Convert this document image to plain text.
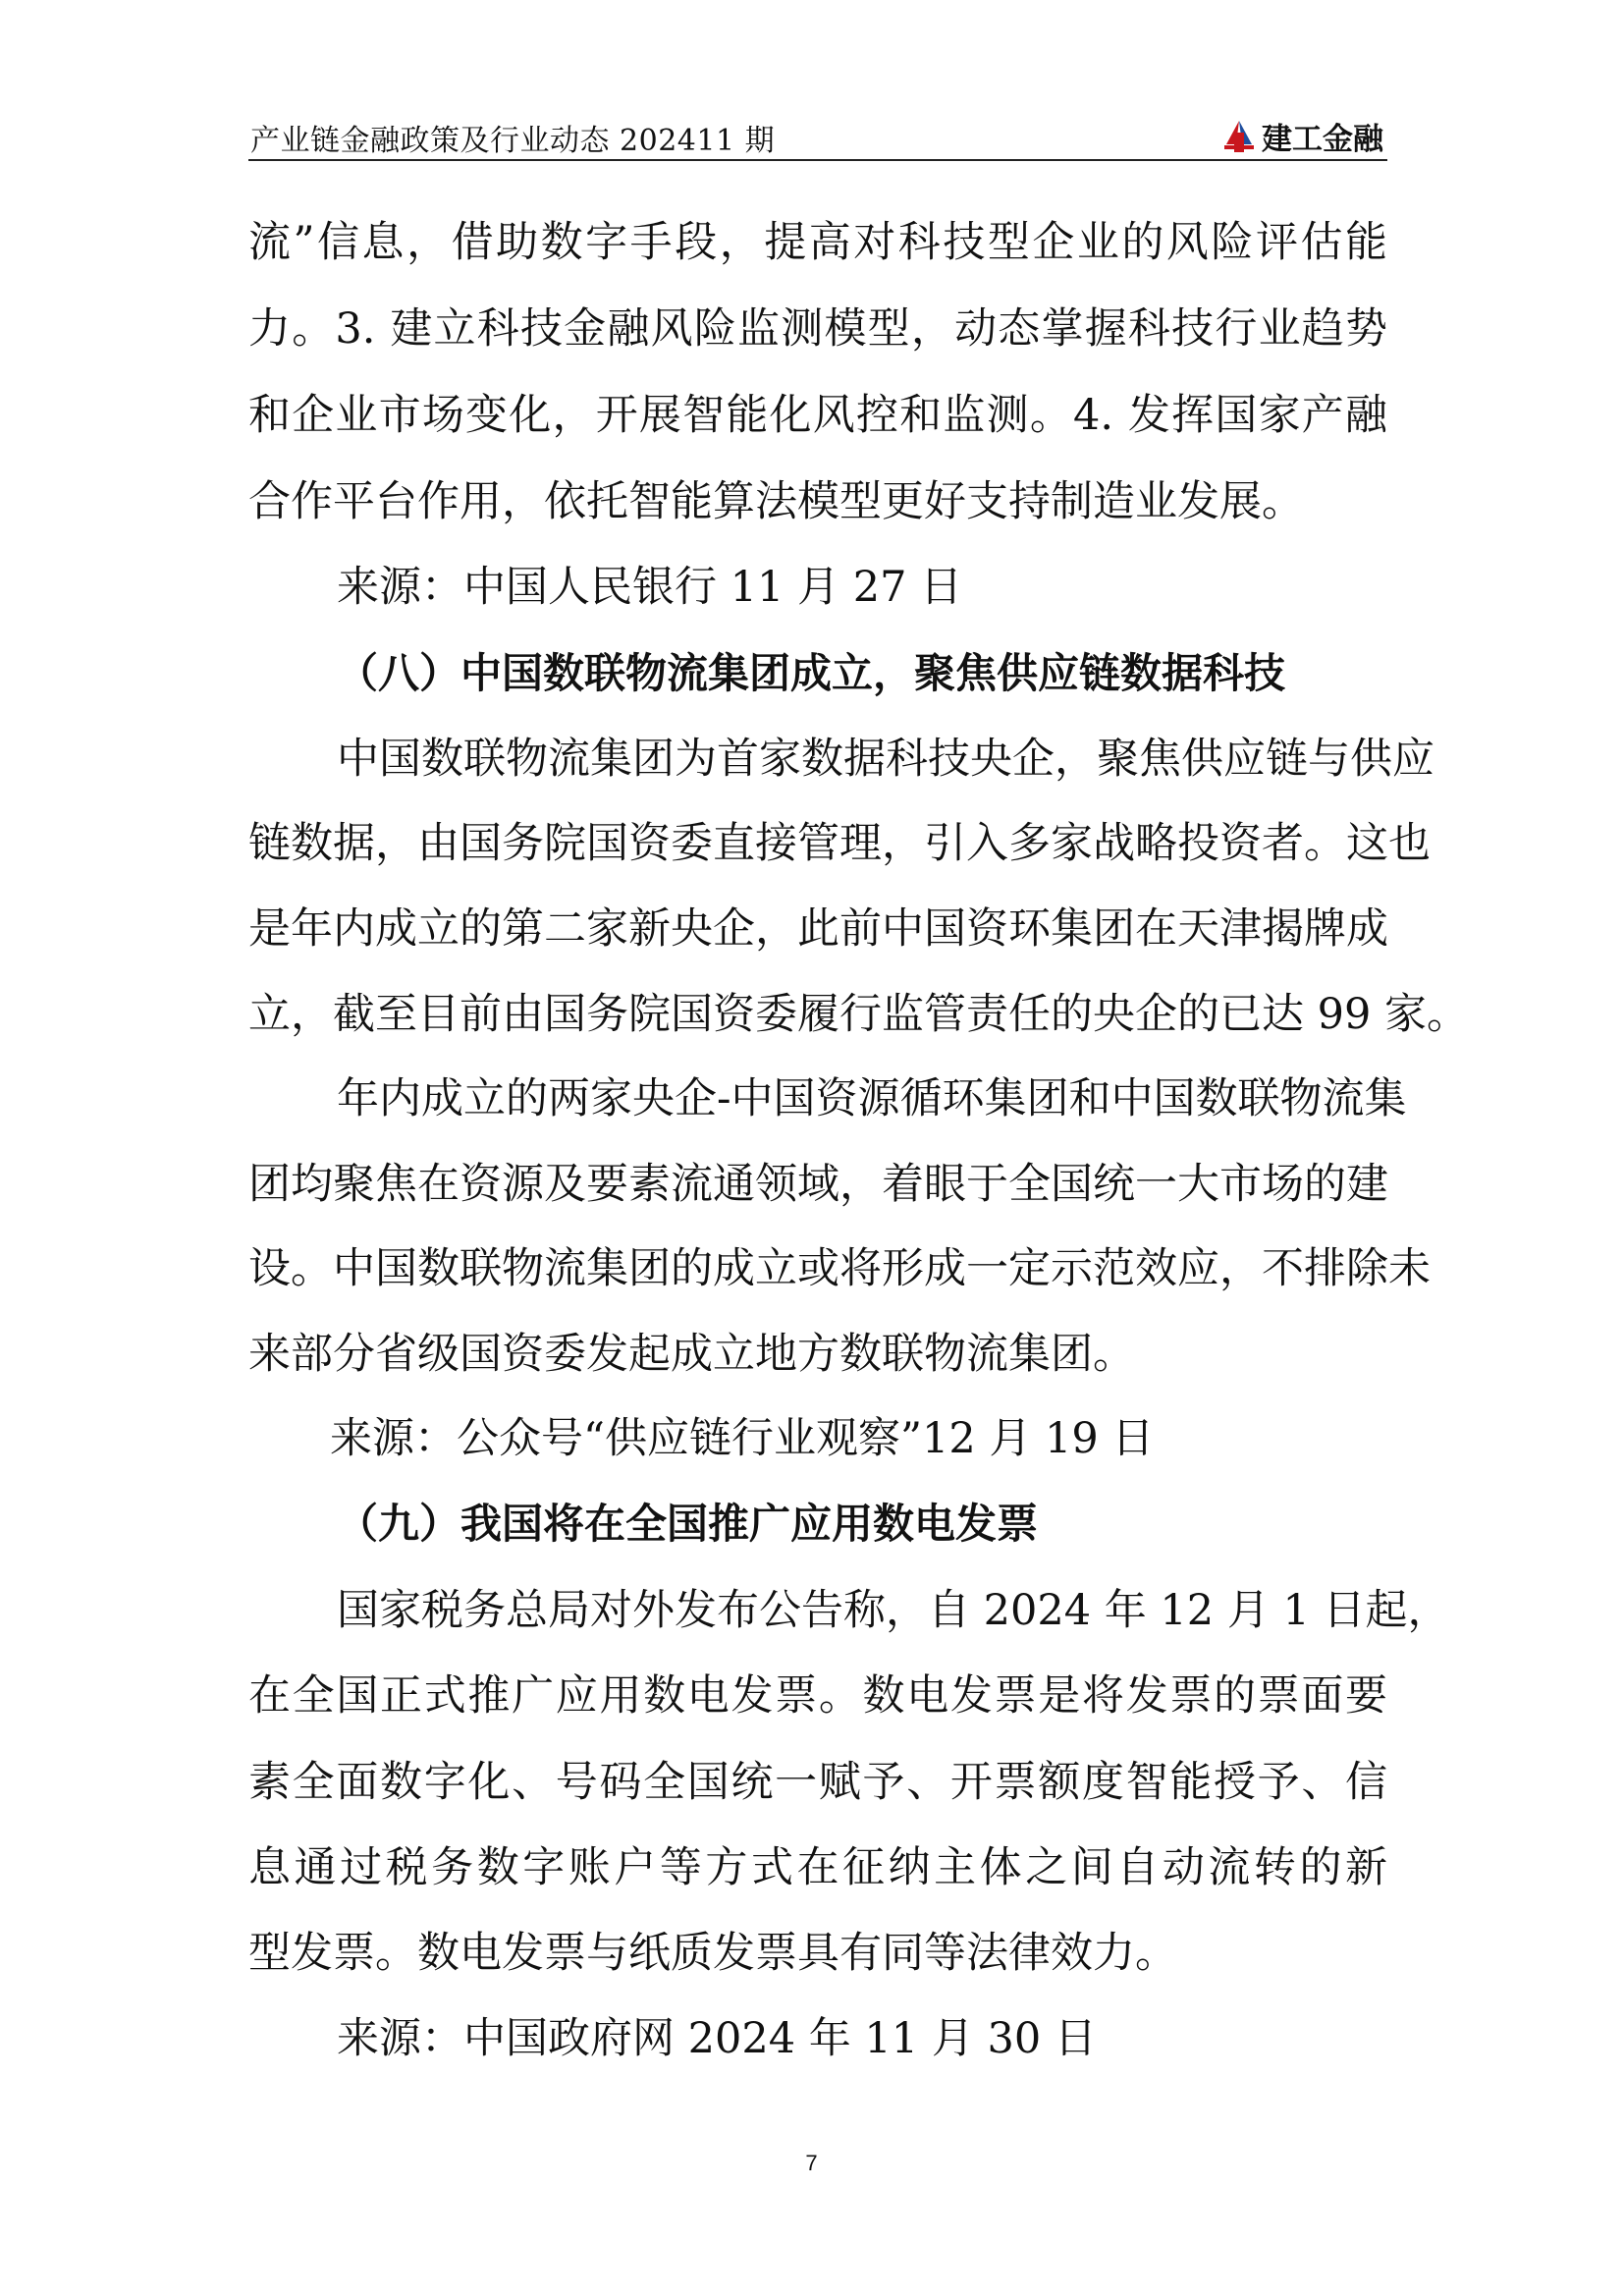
产业链金融政策及行业动态 202411 期	建工金融
流”信息，借助数字手段，提高对科技型企业的风险评估能
力。3. 建立科技金融风险监测模型，动态掌握科技行业趋势
和企业市场变化，开展智能化风控和监测。4. 发挥国家产融
合作平台作用，依托智能算法模型更好支持制造业发展。
来源：中国人民银行 11 月 27 日
（八）中国数联物流集团成立，聚焦供应链数据科技
中国数联物流集团为首家数据科技央企，聚焦供应链与供应
链数据，由国务院国资委直接管理，引入多家战略投资者。这也
是年内成立的第二家新央企，此前中国资环集团在天津揭牌成
立，截至目前由国务院国资委履行监管责任的央企的已达 99 家。
年内成立的两家央企-中国资源循环集团和中国数联物流集
团均聚焦在资源及要素流通领域，着眼于全国统一大市场的建
设。中国数联物流集团的成立或将形成一定示范效应，不排除未
来部分省级国资委发起成立地方数联物流集团。
来源：公众号“供应链行业观察”12 月 19 日
（九）我国将在全国推广应用数电发票
国家税务总局对外发布公告称，自 2024 年 12 月 1 日起，
在全国正式推广应用数电发票。数电发票是将发票的票面要
素全面数字化、号码全国统一赋予、开票额度智能授予、信
息通过税务数字账户等方式在征纳主体之间自动流转的新
型发票。数电发票与纸质发票具有同等法律效力。
来源：中国政府网 2024 年 11 月 30 日
7
